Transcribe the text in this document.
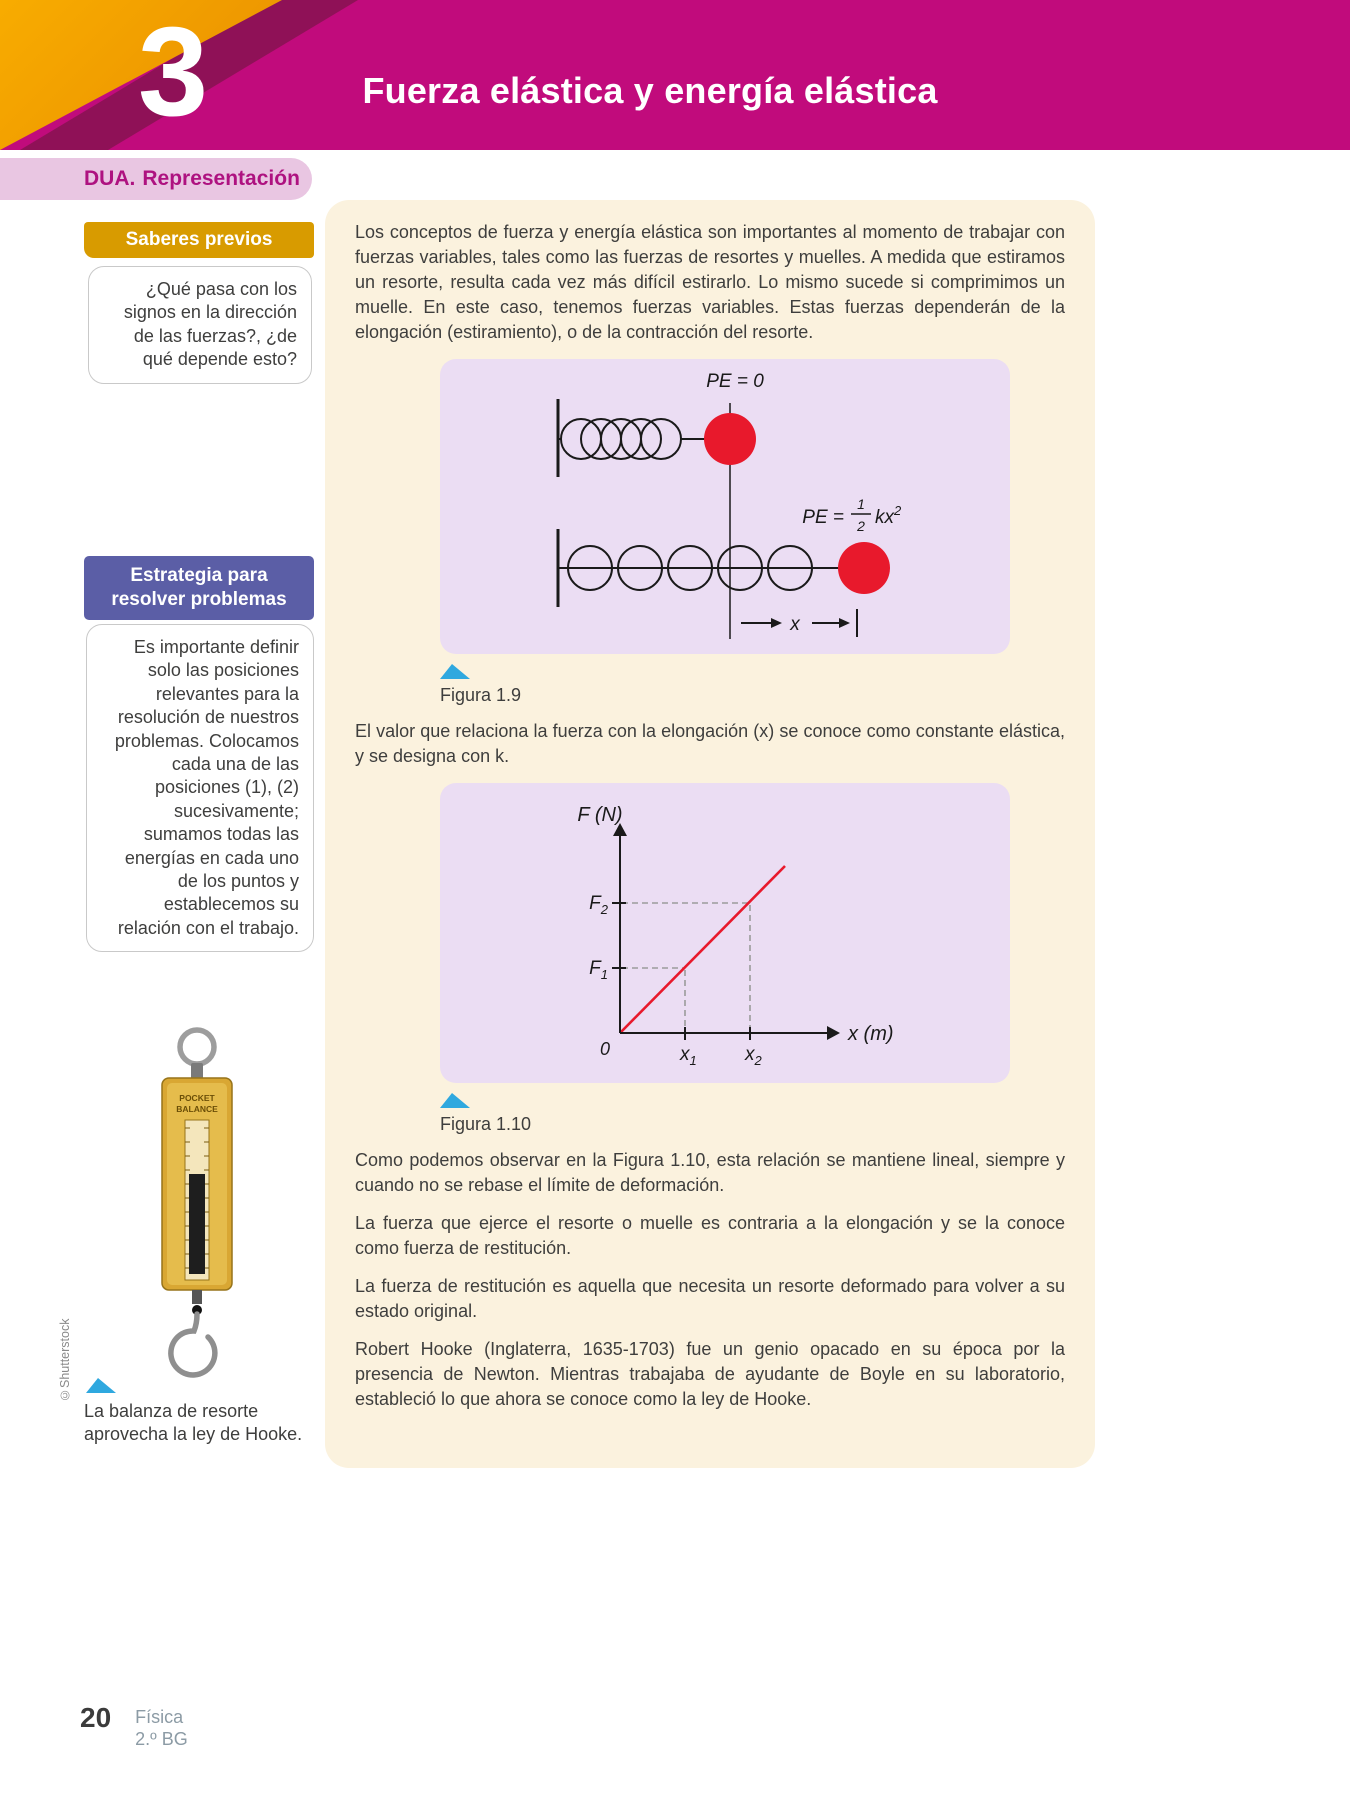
3	Fuerza elástica y energía elástica
DUA. Representación
Saberes previos
¿Qué pasa con los signos en la dirección de las fuerzas?, ¿de qué depende esto?
Estrategia para
resolver problemas
Es importante definir solo las posiciones relevantes para la resolución de nuestros problemas. Colocamos cada una de las posiciones (1), (2) sucesivamente; sumamos todas las energías en cada uno de los puntos y establecemos su relación con el trabajo.
POCKET
BALANCE
©Shutterstock
La balanza de resorte aprovecha la ley de Hooke.

Los conceptos de fuerza y energía elástica son importantes al momento de trabajar con fuerzas variables, tales como las fuerzas de resortes y muelles. A medida que estiramos un resorte, resulta cada vez más difícil estirarlo. Lo mismo sucede si comprimimos un muelle. En este caso, tenemos fuerzas variables. Estas fuerzas dependerán de la elongación (estiramiento), o de la contracción del resorte.

PE = 0
PE =
1
2 $kx^2$
x
Figura 1.9

El valor que relaciona la fuerza con la elongación (x) se conoce como constante elástica, y se designa con k.

F (N)
x (m)
0
$F_2$
$F_1$
$x_1$	$x_2$
Figura 1.10

Como podemos observar en la Figura 1.10, esta relación se mantiene lineal, siempre y cuando no se rebase el límite de deformación.

La fuerza que ejerce el resorte o muelle es contraria a la elongación y se la conoce como fuerza de restitución.

La fuerza de restitución es aquella que necesita un resorte deformado para volver a su estado original.

Robert Hooke (Inglaterra, 1635-1703) fue un genio opacado en su época por la presencia de Newton. Mientras trabajaba de ayudante de Boyle en su laboratorio, estableció lo que ahora se conoce como la ley de Hooke.

20 Física
2.º BG
